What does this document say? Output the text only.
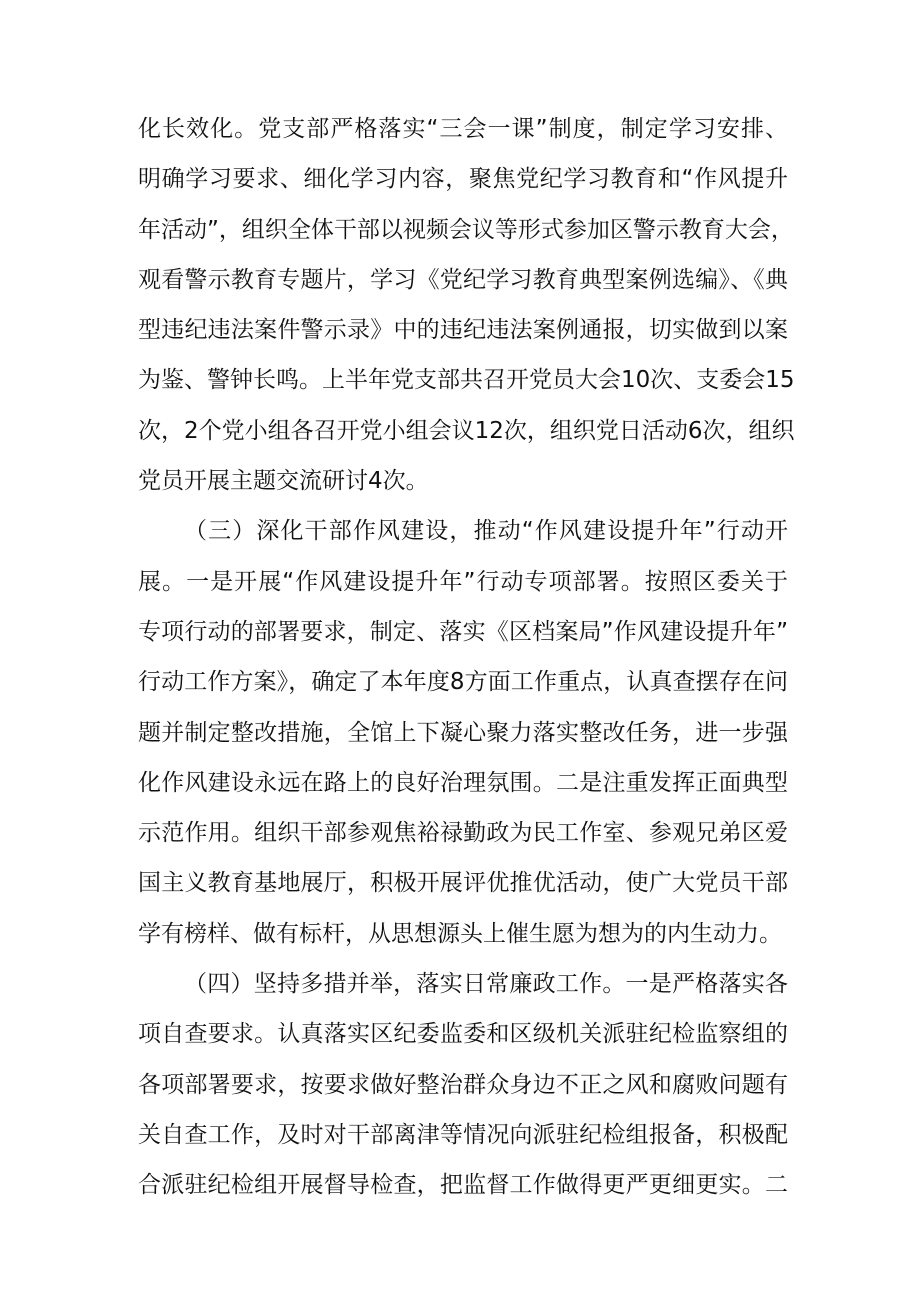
化长效化。党支部严格落实“三会一课”制度，制定学习安排、
明确学习要求、细化学习内容，聚焦党纪学习教育和“作风提升
年活动”，组织全体干部以视频会议等形式参加区警示教育大会，
观看警示教育专题片，学习《党纪学习教育典型案例选编》、《典
型违纪违法案件警示录》中的违纪违法案例通报，切实做到以案
为鉴、警钟长鸣。上半年党支部共召开党员大会10次、支委会15
次，2个党小组各召开党小组会议12次，组织党日活动6次，组织
党员开展主题交流研讨4次。
（三）深化干部作风建设，推动“作风建设提升年”行动开
展。一是开展“作风建设提升年”行动专项部署。按照区委关于
专项行动的部署要求，制定、落实《区档案局”作风建设提升年”
行动工作方案》，确定了本年度8方面工作重点，认真查摆存在问
题并制定整改措施，全馆上下凝心聚力落实整改任务，进一步强
化作风建设永远在路上的良好治理氛围。二是注重发挥正面典型
示范作用。组织干部参观焦裕禄勤政为民工作室、参观兄弟区爱
国主义教育基地展厅，积极开展评优推优活动，使广大党员干部
学有榜样、做有标杆，从思想源头上催生愿为想为的内生动力。
（四）坚持多措并举，落实日常廉政工作。一是严格落实各
项自查要求。认真落实区纪委监委和区级机关派驻纪检监察组的
各项部署要求，按要求做好整治群众身边不正之风和腐败问题有
关自查工作，及时对干部离津等情况向派驻纪检组报备，积极配
合派驻纪检组开展督导检查，把监督工作做得更严更细更实。二
